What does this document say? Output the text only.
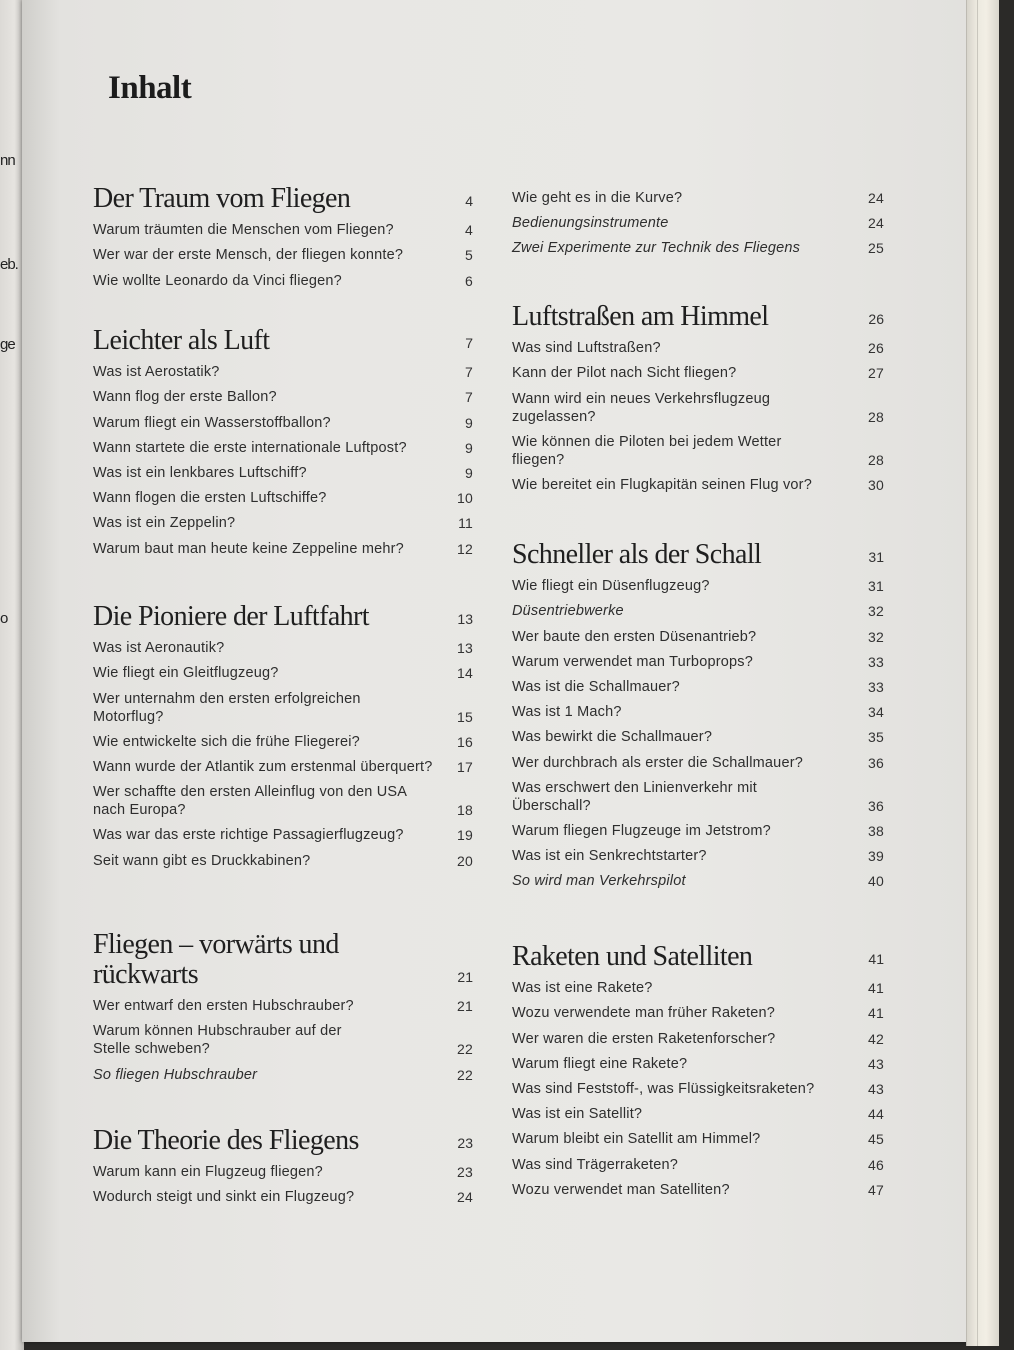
nn
eb.
ge
o
Inhalt
Der Traum vom Fliegen	4
Warum träumten die Menschen vom Fliegen?	4
Wer war der erste Mensch, der fliegen konnte?	5
Wie wollte Leonardo da Vinci fliegen?	6
Leichter als Luft	7
Was ist Aerostatik?	7
Wann flog der erste Ballon?	7
Warum fliegt ein Wasserstoffballon?	9
Wann startete die erste internationale Luftpost?	9
Was ist ein lenkbares Luftschiff?	9
Wann flogen die ersten Luftschiffe?	10
Was ist ein Zeppelin?	11
Warum baut man heute keine Zeppeline mehr?	12
Die Pioniere der Luftfahrt	13
Was ist Aeronautik?	13
Wie fliegt ein Gleitflugzeug?	14
Wer unternahm den ersten erfolgreichen Motorflug?	15
Wie entwickelte sich die frühe Fliegerei?	16
Wann wurde der Atlantik zum erstenmal überquert? 17
Wer schaffte den ersten Alleinflug von den USA nach Europa?	18
Was war das erste richtige Passagierflugzeug?	19
Seit wann gibt es Druckkabinen?	20
Fliegen – vorwärts und rückwarts	21
Wer entwarf den ersten Hubschrauber?	21
Warum können Hubschrauber auf der Stelle schweben?	22
So fliegen Hubschrauber	22
Die Theorie des Fliegens	23
Warum kann ein Flugzeug fliegen?	23
Wodurch steigt und sinkt ein Flugzeug?	24
Wie geht es in die Kurve?	24
Bedienungsinstrumente	24
Zwei Experimente zur Technik des Fliegens	25
Luftstraßen am Himmel	26
Was sind Luftstraßen?	26
Kann der Pilot nach Sicht fliegen?	27
Wann wird ein neues Verkehrsflugzeug zugelassen?	28
Wie können die Piloten bei jedem Wetter fliegen?	28
Wie bereitet ein Flugkapitän seinen Flug vor?	30
Schneller als der Schall	31
Wie fliegt ein Düsenflugzeug?	31
Düsentriebwerke	32
Wer baute den ersten Düsenantrieb?	32
Warum verwendet man Turboprops?	33
Was ist die Schallmauer?	33
Was ist 1 Mach?	34
Was bewirkt die Schallmauer?	35
Wer durchbrach als erster die Schallmauer?	36
Was erschwert den Linienverkehr mit Überschall?	36
Warum fliegen Flugzeuge im Jetstrom?	38
Was ist ein Senkrechtstarter?	39
So wird man Verkehrspilot	40
Raketen und Satelliten	41
Was ist eine Rakete?	41
Wozu verwendete man früher Raketen?	41
Wer waren die ersten Raketenforscher?	42
Warum fliegt eine Rakete?	43
Was sind Feststoff-, was Flüssigkeitsraketen?	43
Was ist ein Satellit?	44
Warum bleibt ein Satellit am Himmel?	45
Was sind Trägerraketen?	46
Wozu verwendet man Satelliten?	47
